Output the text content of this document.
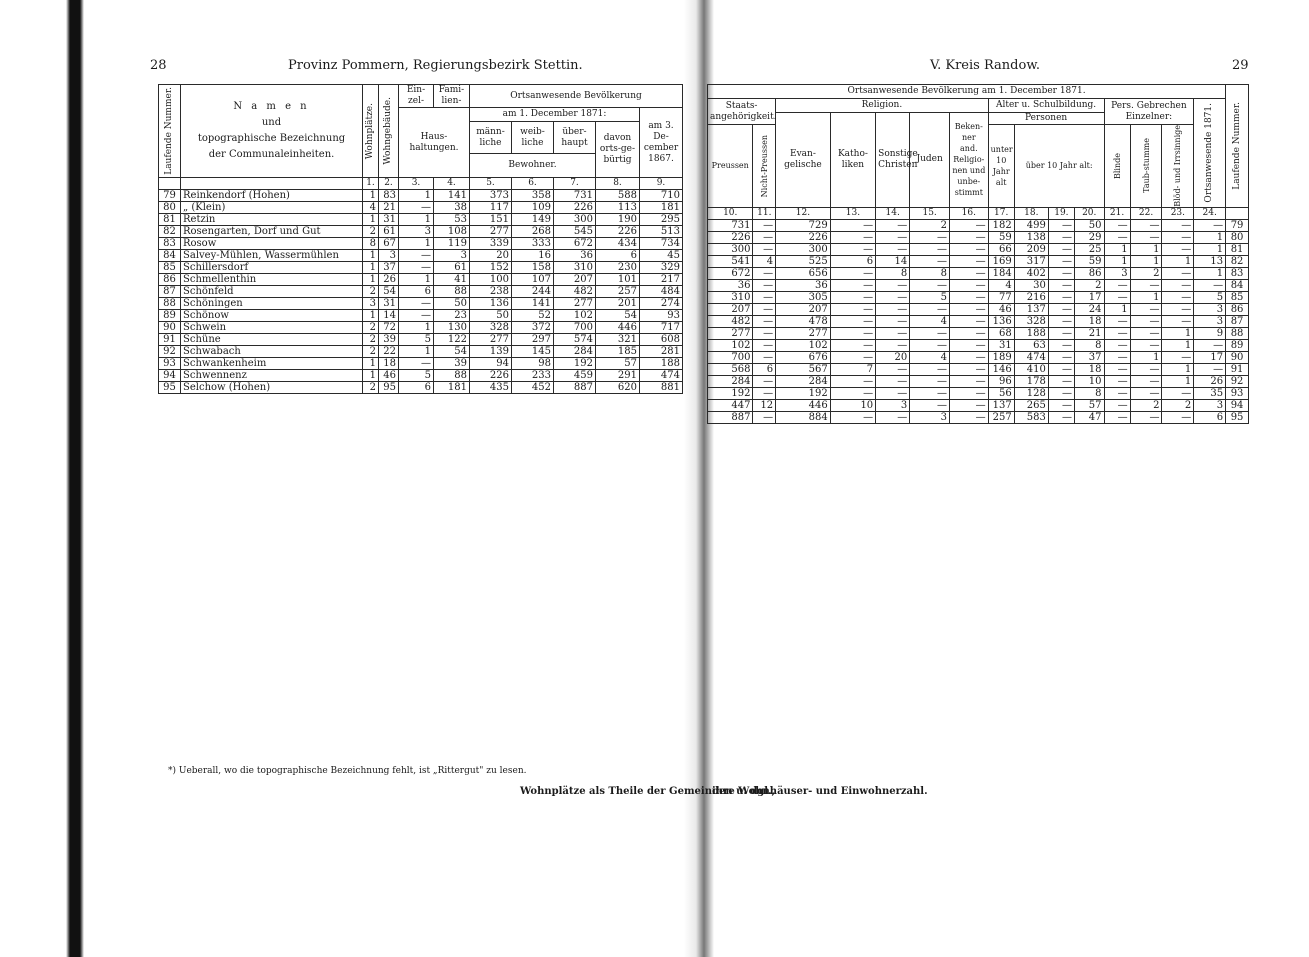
28	Provinz Pommern, Regierungsbezirk Stettin.
Laufende Nummer.	N a m e n
und
topographische Bezeichnung
der Communaleinheiten.	Wohnplätze.	Wohngebäude.	Ein-zel-	Fami-lien-	Ortsanwesende Bevölkerung				
				Haus-haltungen.		am 1. December 1871:				am 3. De-cember 1867.
						männ-liche	weib-liche	über-haupt	davon orts-ge-bürtig	
						Bewohner.				
		1.	2.	3.	4.	5.	6.	7.	8.	9.
79	Reinkendorf (Hohen)	1	83	1	141	373	358	731	588	710
80	„ (Klein)	4	21	—	38	117	109	226	113	181
81	Retzin	1	31	1	53	151	149	300	190	295
82	Rosengarten, Dorf und Gut	2	61	3	108	277	268	545	226	513
83	Rosow	8	67	1	119	339	333	672	434	734
84	Salvey-Mühlen, Wassermühlen	1	3	—	3	20	16	36	6	45
85	Schillersdorf	1	37	—	61	152	158	310	230	329
86	Schmellenthin	1	26	1	41	100	107	207	101	217
87	Schönfeld	2	54	6	88	238	244	482	257	484
88	Schöningen	3	31	—	50	136	141	277	201	274
89	Schönow	1	14	—	23	50	52	102	54	93
90	Schwein	2	72	1	130	328	372	700	446	717
91	Schüne	2	39	5	122	277	297	574	321	608
92	Schwabach	2	22	1	54	139	145	284	185	281
93	Schwankenheim	1	18	—	39	94	98	192	57	188
94	Schwennenz	1	46	5	88	226	233	459	291	474
95	Selchow (Hohen)	2	95	6	181	435	452	887	620	881
V. Kreis Randow.	29
Ortsanwesende Bevölkerung am 1. December 1871.															Laufende Nummer.

Staats-angehörigkeit.		Religion.					Alter u. Schulbildung.				Pers. Gebrechen Einzelner:			Ortsanwesende 1871.	

		Evan-gelische	Katho-liken	Sonstige Christen	Juden	Beken-ner and. Religio-nen und unbe-stimmt	Personen								
Preussen	Nicht-Preussen						unter 10 Jahr alt	über 10 Jahr alt:			Blinde	Taub-stumme	Blöd- und Irrsinnige		

10.	11.	12.	13.	14.	15.	16.	17.	18.	19.	20.	21.	22.	23.	24.	
731	—	729	—	—	2	—	182	499	—	50	—	—	—	—	79
226	—	226	—	—	—	—	59	138	—	29	—	—	—	1	80
300	—	300	—	—	—	—	66	209	—	25	1	1	—	1	81
541	4	525	6	14	—	—	169	317	—	59	1	1	1	13	82
672	—	656	—	8	8	—	184	402	—	86	3	2	—	1	83
36	—	36	—	—	—	—	4	30	—	2	—	—	—	—	84
310	—	305	—	—	5	—	77	216	—	17	—	1	—	5	85
207	—	207	—	—	—	—	46	137	—	24	1	—	—	3	86
482	—	478	—	—	4	—	136	328	—	18	—	—	—	3	87
277	—	277	—	—	—	—	68	188	—	21	—	—	1	9	88
102	—	102	—	—	—	—	31	63	—	8	—	—	1	—	89
700	—	676	—	20	4	—	189	474	—	37	—	1	—	17	90
568	6	567	7	—	—	—	146	410	—	18	—	—	1	—	91
284	—	284	—	—	—	—	96	178	—	10	—	—	1	26	92
192	—	192	—	—	—	—	56	128	—	8	—	—	—	35	93
447	12	446	10	3	—	—	137	265	—	57	—	2	2	3	94
887	—	884	—	—	3	—	257	583	—	47	—	—	—	6	95
*) Ueberall, wo die topographische Bezeichnung fehlt, ist „Rittergut" zu lesen.
Wohnplätze als Theile der Gemeinden u. dgl.,
ihre Wohnhäuser- und Einwohnerzahl.
